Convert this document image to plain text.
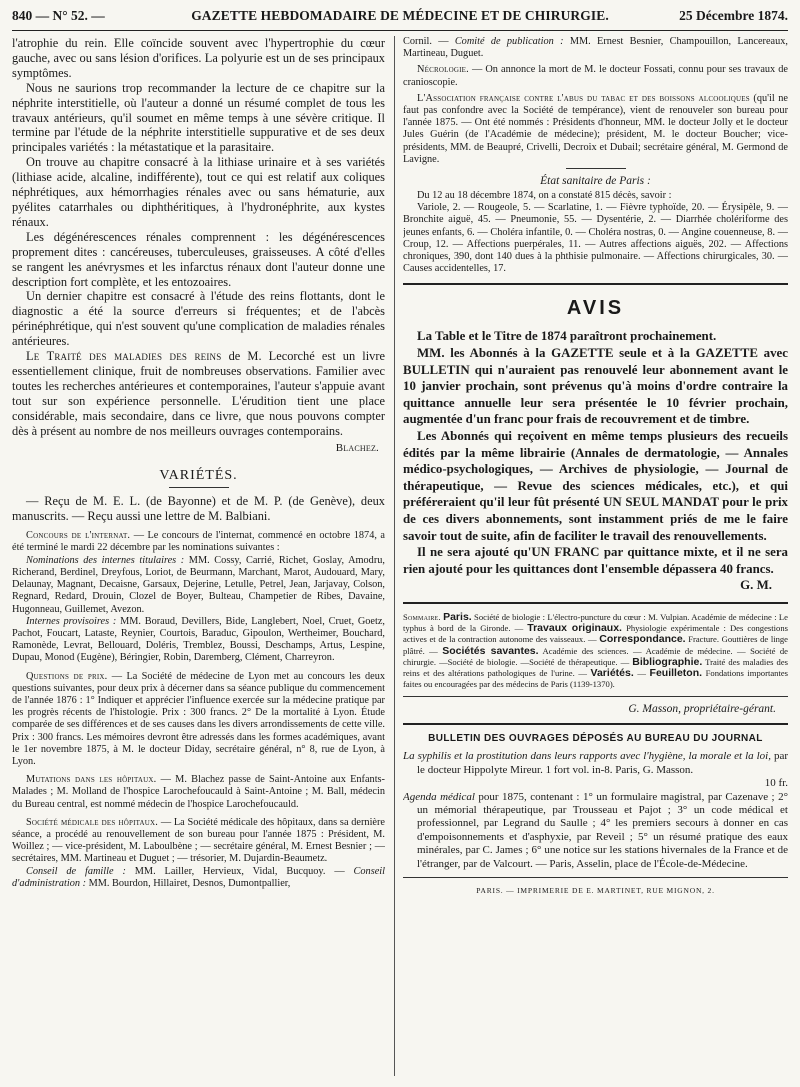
840 — N° 52. —	GAZETTE HEBDOMADAIRE DE MÉDECINE ET DE CHIRURGIE.	25 Décembre 1874.

l'atrophie du rein. Elle coïncide souvent avec l'hypertrophie du cœur gauche, avec ou sans lésion d'orifices. La polyurie est un de ses principaux symptômes.

Nous ne saurions trop recommander la lecture de ce chapitre sur la néphrite interstitielle, où l'auteur a donné un résumé complet de tous les travaux antérieurs, qu'il soumet en même temps à une sévère critique. Il termine par l'étude de la néphrite interstitielle suppurative et de ses deux principales variétés : la métastatique et la parasitaire.

On trouve au chapitre consacré à la lithiase urinaire et à ses variétés (lithiase acide, alcaline, indifférente), tout ce qui est relatif aux coliques néphrétiques, aux hémorrhagies rénales avec ou sans hématurie, aux pyélites catarrhales ou diphthéritiques, à l'hydronéphrite, aux kystes rénaux.

Les dégénérescences rénales comprennent : les dégénérescences proprement dites : cancéreuses, tuberculeuses, graisseuses. A côté d'elles se rangent les anévrysmes et les infarctus rénaux dont l'auteur donne une description fort complète, et les entozoaires.

Un dernier chapitre est consacré à l'étude des reins flottants, dont le diagnostic a été la source d'erreurs si fréquentes; et de l'abcès périnéphrétique, qui n'est souvent qu'une complication de maladies rénales antérieures.

Le Traité des maladies des reins de M. Lecorché est un livre essentiellement clinique, fruit de nombreuses observations. Familier avec toutes les recherches antérieures et contemporaines, l'auteur s'appuie avant tout sur son expérience personnelle. L'érudition tient une place considérable, mais secondaire, dans ce livre, que nous pouvons compter dès à présent au nombre de nos meilleurs ouvrages contemporains.

Blachez.
VARIÉTÉS.

— Reçu de M. E. L. (de Bayonne) et de M. P. (de Genève), deux manuscrits. — Reçu aussi une lettre de M. Balbiani.

Concours de l'internat. — Le concours de l'internat, commencé en octobre 1874, a été terminé le mardi 22 décembre par les nominations suivantes :

Nominations des internes titulaires : MM. Cossy, Carrié, Richet, Goslay, Amodru, Richerand, Berdinel, Dreyfous, Loriot, de Beurmann, Marchant, Marot, Audouard, Mary, Delaunay, Magnant, Decaisne, Garsaux, Dejerine, Letulle, Petrel, Jean, Jarjavay, Colson, Regnard, Redard, Drouin, Clozel de Boyer, Bulteau, Champetier de Ribes, Davaine, Hugonneau, Guillemet, Avezon.

Internes provisoires : MM. Boraud, Devillers, Bide, Langlebert, Noel, Cruet, Goetz, Pachot, Foucart, Lataste, Reynier, Courtois, Baraduc, Gipoulon, Wertheimer, Bouchard, Ramonède, Levrat, Bellouard, Doléris, Tremblez, Boussi, Deschamps, Artus, Lespine, Dupau, Monod (Eugène), Béringier, Robin, Daremberg, Clément, Charreyron.

Questions de prix. — La Société de médecine de Lyon met au concours les deux questions suivantes, pour deux prix à décerner dans sa séance publique du commencement de l'année 1876 : 1° Indiquer et apprécier l'influence exercée sur la médecine pratique par les progrès récents de l'histologie. Prix : 300 francs. 2° De la mortalité à Lyon. Étude comparée de ses différences et de ses causes dans les divers arrondissements de cette ville. Prix : 300 francs. Les mémoires devront être adressés dans les formes académiques, avant le 1er novembre 1875, à M. le docteur Diday, secrétaire général, n° 8, rue de Lyon, à Lyon.

Mutations dans les hôpitaux. — M. Blachez passe de Saint-Antoine aux Enfants-Malades ; M. Molland de l'hospice Larochefoucauld à Saint-Antoine ; M. Ball, médecin du Bureau central, est nommé médecin de l'hospice Larochefoucauld.

Société médicale des hôpitaux. — La Société médicale des hôpitaux, dans sa dernière séance, a procédé au renouvellement de son bureau pour l'année 1875 : Président, M. Woillez ; — vice-président, M. Laboulbène ; — secrétaire général, M. Ernest Besnier ; — secrétaires, MM. Martineau et Duguet ; — trésorier, M. Dujardin-Beaumetz.

Conseil de famille : MM. Lailler, Hervieux, Vidal, Bucquoy. — Conseil d'administration : MM. Bourdon, Hillairet, Desnos, Dumontpallier,

Cornil. — Comité de publication : MM. Ernest Besnier, Champouillon, Lancereaux, Martineau, Duguet.

Nécrologie. — On annonce la mort de M. le docteur Fossati, connu pour ses travaux de cranioscopie.

L'Association française contre l'abus du tabac et des boissons alcooliques (qu'il ne faut pas confondre avec la Société de tempérance), vient de renouveler son bureau pour l'année 1875. — Ont été nommés : Présidents d'honneur, MM. le docteur Jolly et le docteur Jules Guérin (de l'Académie de médecine); président, M. le docteur Boucher; vice-présidents, MM. de Beaupré, Crivelli, Decroix et Dubail; secrétaire général, M. Germond de Lavigne.

État sanitaire de Paris :

Du 12 au 18 décembre 1874, on a constaté 815 décès, savoir :

Variole, 2. — Rougeole, 5. — Scarlatine, 1. — Fièvre typhoïde, 20. — Érysipèle, 9. — Bronchite aiguë, 45. — Pneumonie, 55. — Dysentérie, 2. — Diarrhée cholériforme des jeunes enfants, 6. — Choléra infantile, 0. — Choléra nostras, 0. — Angine couenneuse, 8. — Croup, 12. — Affections puerpérales, 11. — Autres affections aiguës, 202. — Affections chroniques, 390, dont 140 dues à la phthisie pulmonaire. — Affections chirurgicales, 30. — Causes accidentelles, 17.

AVIS

La Table et le Titre de 1874 paraîtront prochainement.

MM. les Abonnés à la GAZETTE seule et à la GAZETTE avec BULLETIN qui n'auraient pas renouvelé leur abonnement avant le 10 janvier prochain, sont prévenus qu'à moins d'ordre contraire la quittance annuelle leur sera présentée le 10 février prochain, augmentée d'un franc pour frais de recouvrement et de timbre.

Les Abonnés qui reçoivent en même temps plusieurs des recueils édités par la même librairie (Annales de dermatologie, — Annales médico-psychologiques, — Archives de physiologie, — Journal de thérapeutique, — Revue des sciences médicales, etc.), et qui préféreraient qu'il leur fût présenté UN SEUL MANDAT pour le prix de ces divers abonnements, sont instamment priés de me le faire savoir tout de suite, afin de faciliter le travail des renouvellements.

Il ne sera ajouté qu'UN FRANC par quittance mixte, et il ne sera rien ajouté pour les quittances dont l'ensemble dépassera 40 francs.

G. M.

Sommaire. Paris. Société de biologie : L'électro-puncture du cœur : M. Vulpian. Académie de médecine : Le typhus à bord de la Gironde. — Travaux originaux. Physiologie expérimentale : Des congestions actives et de la contraction autonome des vaisseaux. — Correspondance. Fracture. Gouttières de linge plâtré. — Sociétés savantes. Académie des sciences. — Académie de médecine. — Société de chirurgie. —Société de biologie. —Société de thérapeutique. — Bibliographie. Traité des maladies des reins et des altérations pathologiques de l'urine. — Variétés. — Feuilleton. Fondations importantes faites ou encouragées par des médecins de Paris (1139-1370).

G. Masson, propriétaire-gérant.
BULLETIN DES OUVRAGES DÉPOSÉS AU BUREAU DU JOURNAL

La syphilis et la prostitution dans leurs rapports avec l'hygiène, la morale et la loi, par le docteur Hippolyte Mireur. 1 fort vol. in-8. Paris, G. Masson.

10 fr.

Agenda médical pour 1875, contenant : 1° un formulaire magistral, par Cazenave ; 2° un mémorial thérapeutique, par Trousseau et Pajot ; 3° un code médical et professionnel, par Legrand du Saulle ; 4° les premiers secours à donner en cas d'empoisonnements et d'asphyxie, par Reveil ; 5° un résumé pratique des eaux minérales, par C. James ; 6° une notice sur les stations hivernales de la France et de l'étranger, par de Valcourt. — Paris, Asselin, place de l'École-de-Médecine.

PARIS. — IMPRIMERIE DE E. MARTINET, RUE MIGNON, 2.
